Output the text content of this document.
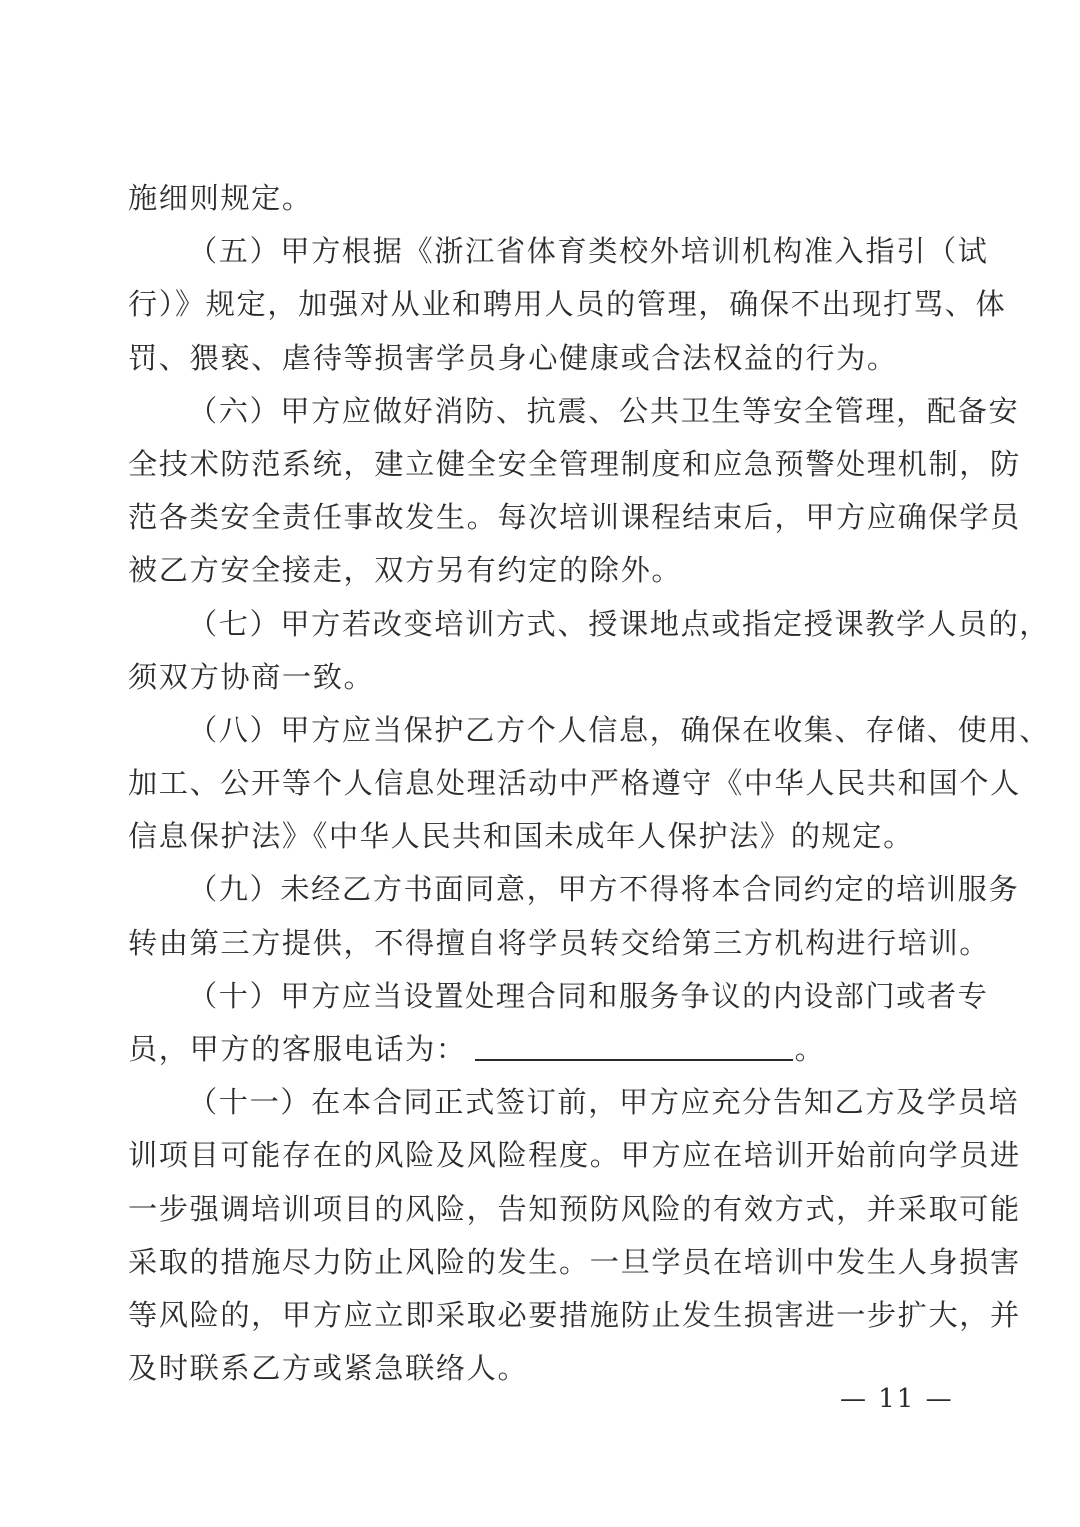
施细则规定。
（五）甲方根据《浙江省体育类校外培训机构准入指引（试
行）》规定，加强对从业和聘用人员的管理，确保不出现打骂、体
罚、猥亵、虐待等损害学员身心健康或合法权益的行为。
（六）甲方应做好消防、抗震、公共卫生等安全管理，配备安
全技术防范系统，建立健全安全管理制度和应急预警处理机制，防
范各类安全责任事故发生。每次培训课程结束后，甲方应确保学员
被乙方安全接走，双方另有约定的除外。
（七）甲方若改变培训方式、授课地点或指定授课教学人员的，
须双方协商一致。
（八）甲方应当保护乙方个人信息，确保在收集、存储、使用、
加工、公开等个人信息处理活动中严格遵守《中华人民共和国个人
信息保护法》《中华人民共和国未成年人保护法》的规定。
（九）未经乙方书面同意，甲方不得将本合同约定的培训服务
转由第三方提供，不得擅自将学员转交给第三方机构进行培训。
（十）甲方应当设置处理合同和服务争议的内设部门或者专
员，甲方的客服电话为：	。
（十一）在本合同正式签订前，甲方应充分告知乙方及学员培
训项目可能存在的风险及风险程度。甲方应在培训开始前向学员进
一步强调培训项目的风险，告知预防风险的有效方式，并采取可能
采取的措施尽力防止风险的发生。一旦学员在培训中发生人身损害
等风险的，甲方应立即采取必要措施防止发生损害进一步扩大，并
及时联系乙方或紧急联络人。
— 11 —
